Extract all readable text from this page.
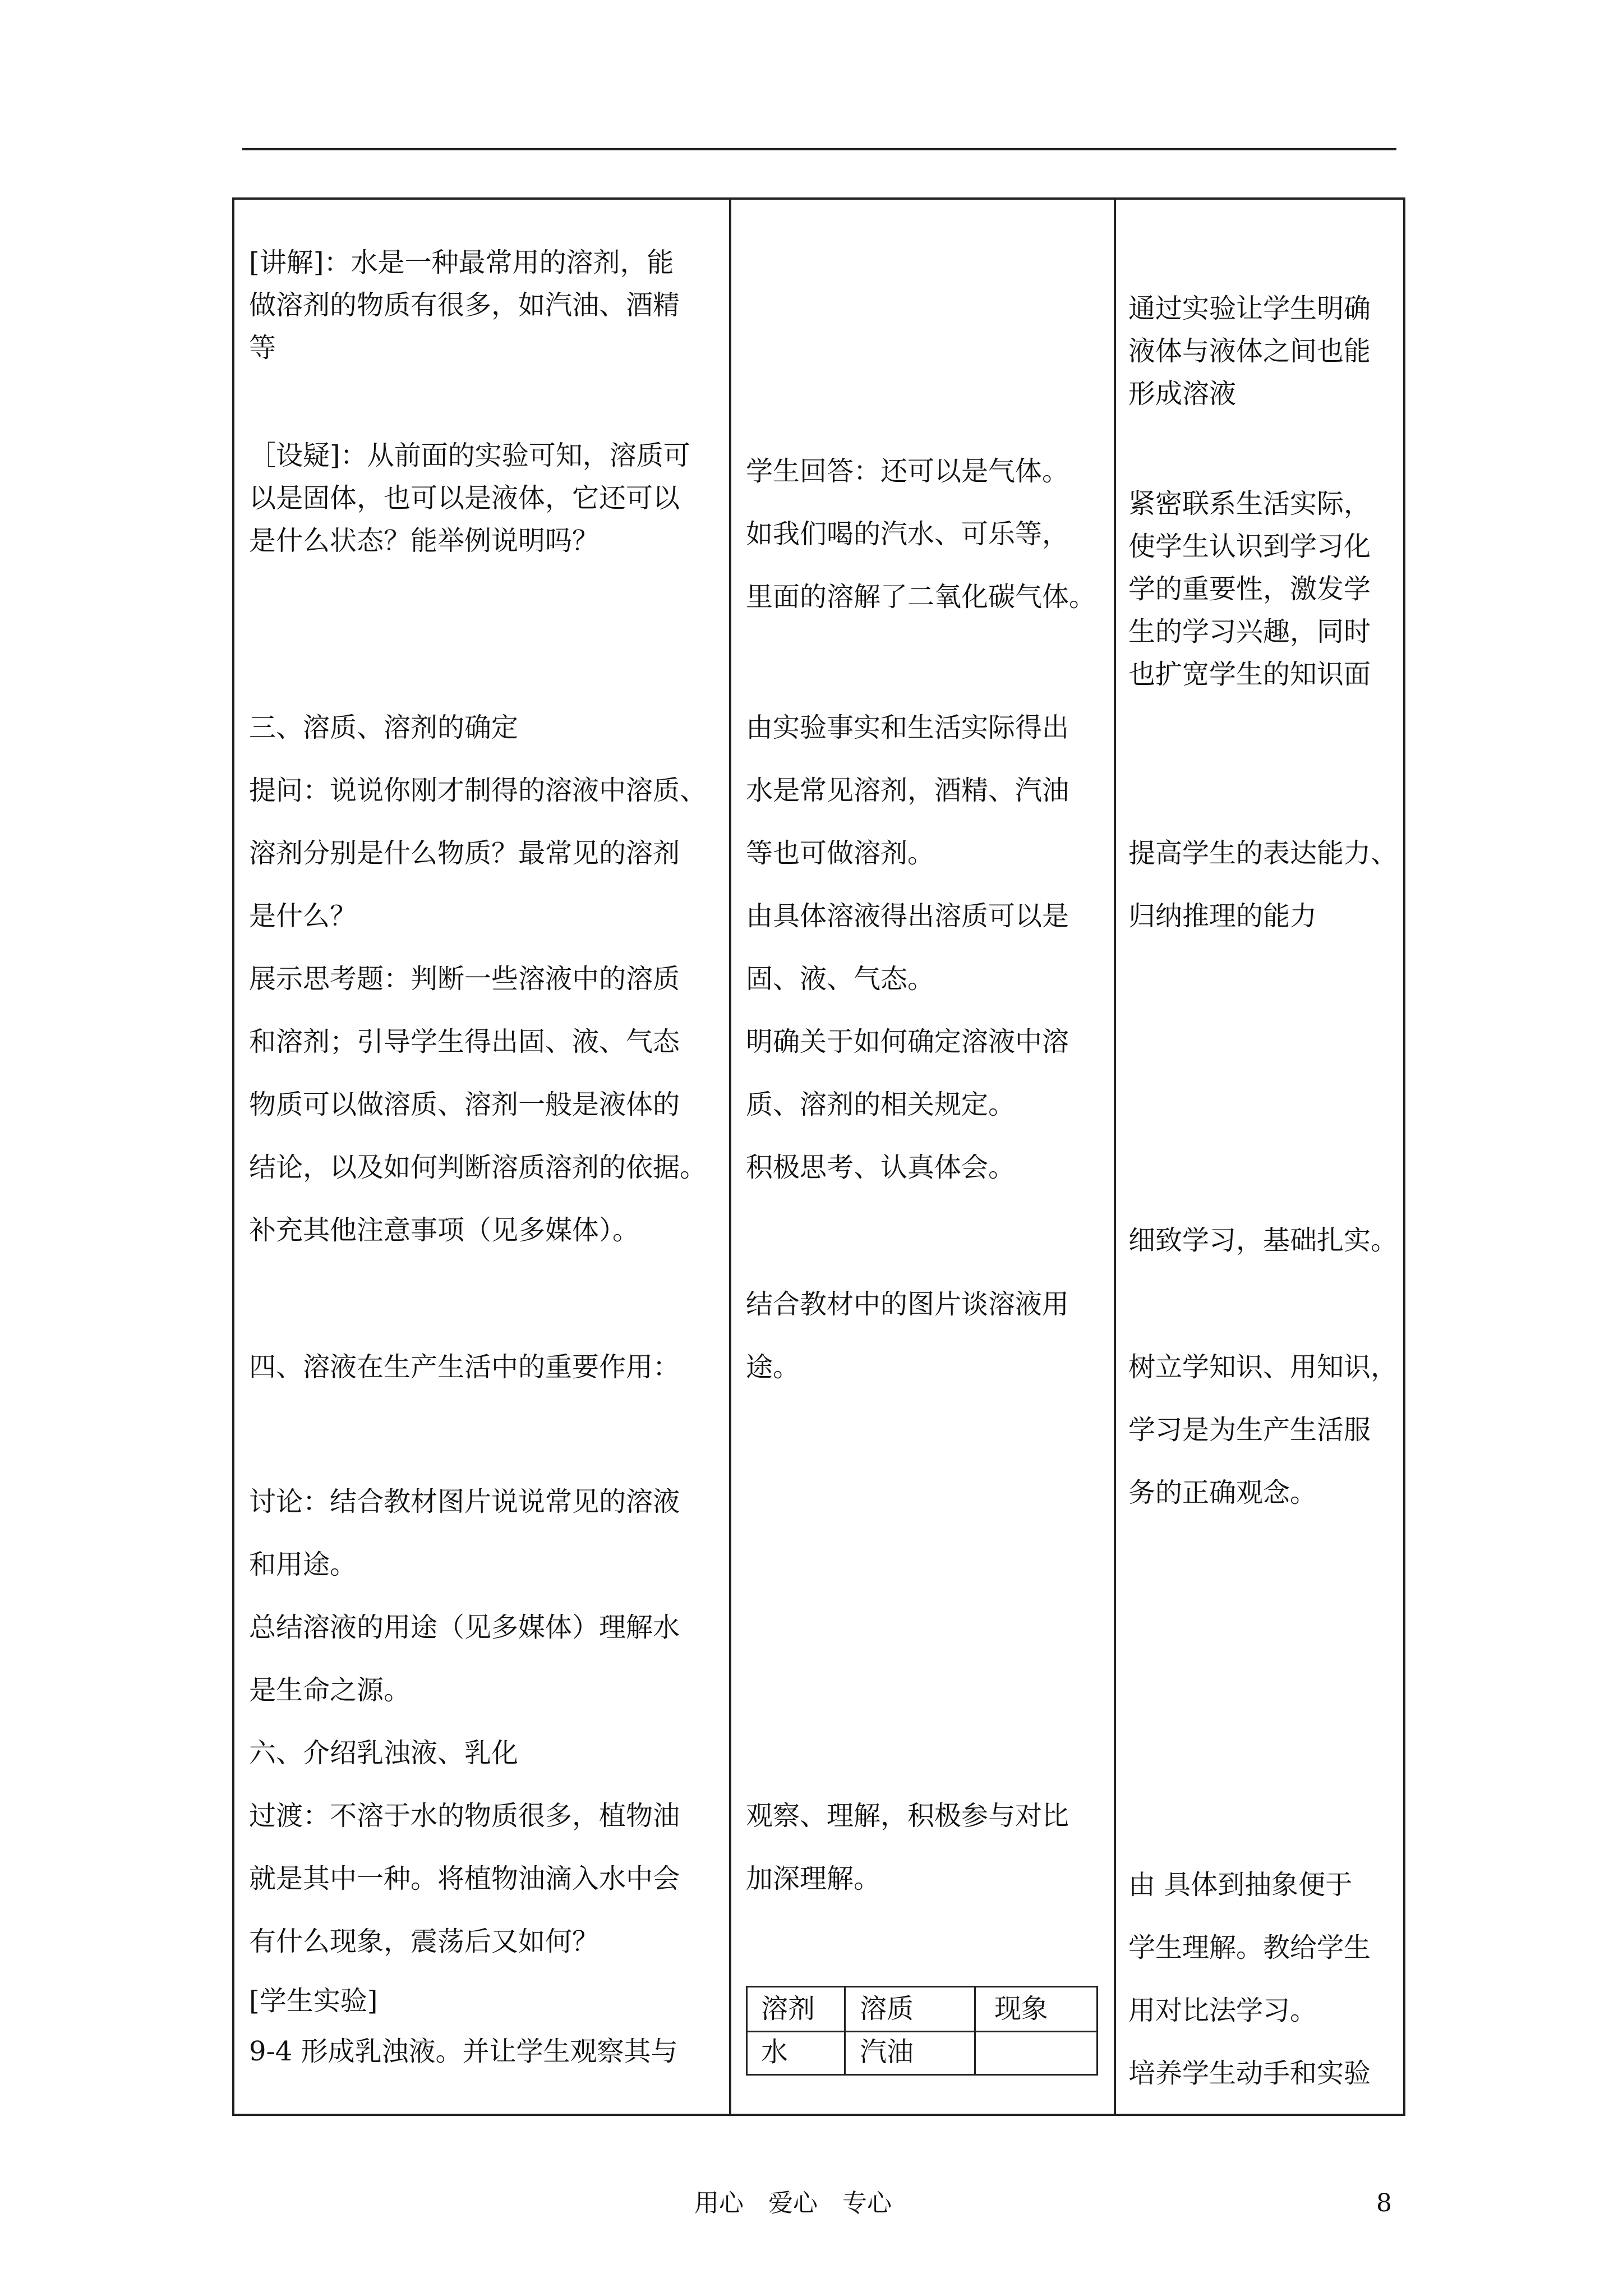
[讲解]：水是一种最常用的溶剂，能
做溶剂的物质有很多，如汽油、酒精
等
［设疑]：从前面的实验可知，溶质可
以是固体，也可以是液体，它还可以
是什么状态？能举例说明吗？
三、溶质、溶剂的确定
提问：说说你刚才制得的溶液中溶质、
溶剂分别是什么物质？最常见的溶剂
是什么？
展示思考题：判断一些溶液中的溶质
和溶剂；引导学生得出固、液、气态
物质可以做溶质、溶剂一般是液体的
结论，以及如何判断溶质溶剂的依据。
补充其他注意事项（见多媒体）。
四、溶液在生产生活中的重要作用：
讨论：结合教材图片说说常见的溶液
和用途。
总结溶液的用途（见多媒体）理解水
是生命之源。
六、介绍乳浊液、乳化
过渡：不溶于水的物质很多，植物油
就是其中一种。将植物油滴入水中会
有什么现象，震荡后又如何？
[学生实验]
9-4 形成乳浊液。并让学生观察其与
学生回答：还可以是气体。
如我们喝的汽水、可乐等，
里面的溶解了二氧化碳气体。
由实验事实和生活实际得出
水是常见溶剂，酒精、汽油
等也可做溶剂。
由具体溶液得出溶质可以是
固、液、气态。
明确关于如何确定溶液中溶
质、溶剂的相关规定。
积极思考、认真体会。
结合教材中的图片谈溶液用
途。
观察、理解，积极参与对比
加深理解。
溶剂 溶质	现象
水	汽油
通过实验让学生明确
液体与液体之间也能
形成溶液
紧密联系生活实际，
使学生认识到学习化
学的重要性，激发学
生的学习兴趣，同时
也扩宽学生的知识面
提高学生的表达能力、
归纳推理的能力
细致学习，基础扎实。
树立学知识、用知识，
学习是为生产生活服
务的正确观念。
由 具体到抽象便于
学生理解。教给学生
用对比法学习。
培养学生动手和实验
用心　爱心　专心	8
